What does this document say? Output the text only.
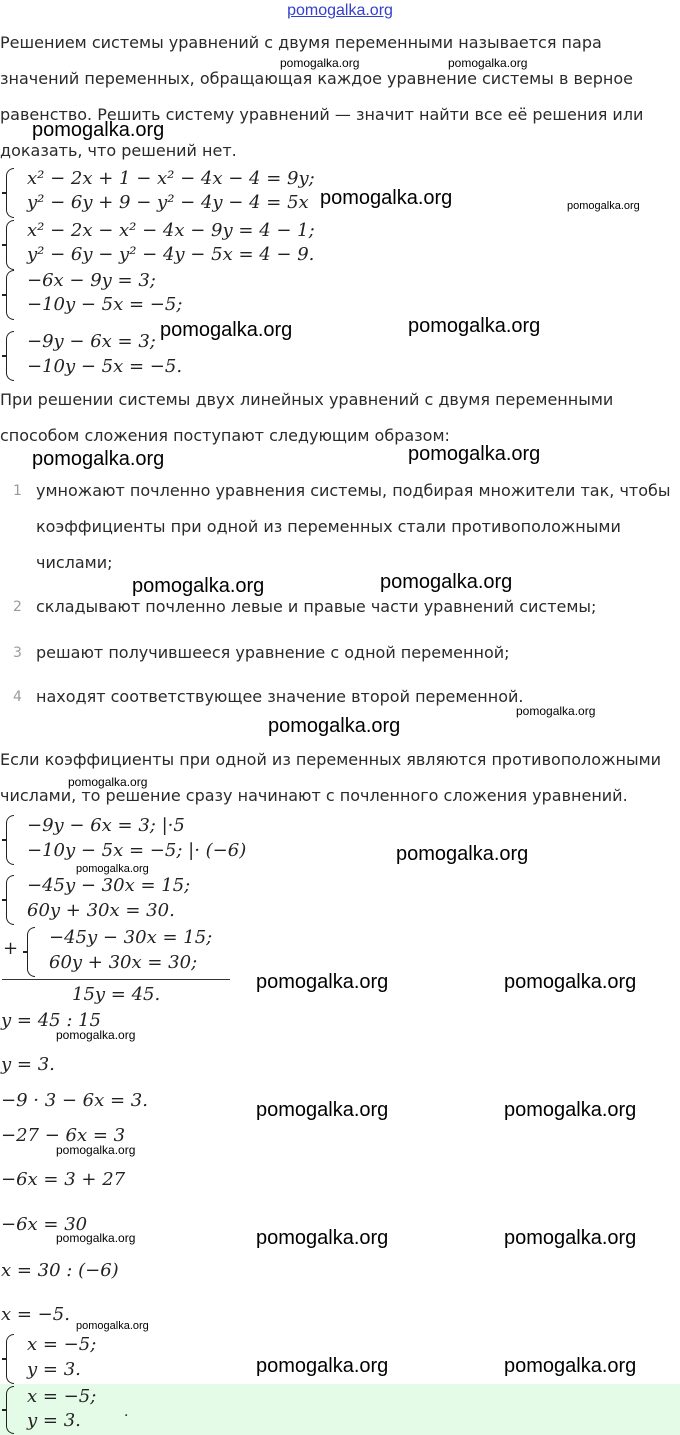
pomogalka.org
Решением системы уравнений с двумя переменными называется пара
значений переменных, обращающая каждое уравнение системы в верное
равенство. Решить систему уравнений — значит найти все её решения или
доказать, что решений нет.
x² − 2x + 1 − x² − 4x − 4 = 9y;
y² − 6y + 9 − y² − 4y − 4 = 5x
x² − 2x − x² − 4x − 9y = 4 − 1;
y² − 6y − y² − 4y − 5x = 4 − 9.
−6x − 9y = 3;
−10y − 5x = −5;
−9y − 6x = 3;
−10y − 5x = −5.
При решении системы двух линейных уравнений с двумя переменными
способом сложения поступают следующим образом:
1 умножают почленно уравнения системы, подбирая множители так, чтобы
коэффициенты при одной из переменных стали противоположными
числами;
2 складывают почленно левые и правые части уравнений системы;
3 решают получившееся уравнение с одной переменной;
4 находят соответствующее значение второй переменной.
Если коэффициенты при одной из переменных являются противоположными
числами, то решение сразу начинают с почленного сложения уравнений.
−9y − 6x = 3; |·5
−10y − 5x = −5; |· (−6)
−45y − 30x = 15;
60y + 30x = 30.
+
−45y − 30x = 15;
60y + 30x = 30;
15y = 45.
y = 45 : 15
y = 3.
−9 · 3 − 6x = 3.
−27 − 6x = 3
−6x = 3 + 27
−6x = 30
x = 30 : (−6)
x = −5.
x = −5;
y = 3.
x = −5;
y = 3.	.
pomogalka.org	pomogalka.org
pomogalka.org
pomogalka.org
pomogalka.org
pomogalka.org
pomogalka.org
pomogalka.org
pomogalka.org
pomogalka.org
pomogalka.org
pomogalka.org
pomogalka.org	pomogalka.org
pomogalka.org	pomogalka.org
pomogalka.org	pomogalka.org
pomogalka.org
pomogalka.org
pomogalka.org	pomogalka.org
pomogalka.org	pomogalka.org
pomogalka.org	pomogalka.org
pomogalka.org	pomogalka.org
